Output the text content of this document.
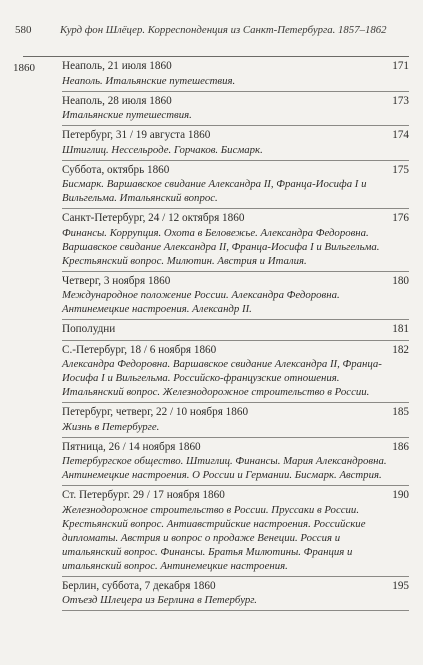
580	Курд фон Шлёцер. Корреспонденция из Санкт-Петербурга. 1857–1862
1860	Неаполь, 21 июля 1860	171
Неаполь. Итальянские путешествия.
Неаполь, 28 июля 1860	173
Итальянские путешествия.
Петербург, 31 / 19 августа 1860	174
Штиглиц. Нессельроде. Горчаков. Бисмарк.
Суббота, октябрь 1860	175
Бисмарк. Варшавское свидание Александра II, Франца-Иосифа I и Вильгельма. Итальянский вопрос.
Санкт-Петербург, 24 / 12 октября 1860	176
Финансы. Коррупция. Охота в Беловежье. Александра Федоровна. Варшавское свидание Александра II, Франца-Иосифа I и Вильгельма. Крестьянский вопрос. Милютин. Австрия и Италия.
Четверг, 3 ноября 1860	180
Международное положение России. Александра Федоровна. Антинемецкие настроения. Александр II.
Пополудни	181
С.-Петербург, 18 / 6 ноября 1860	182
Александра Федоровна. Варшавское свидание Александра II, Франца-Иосифа I и Вильгельма. Российско-французские отношения. Итальянский вопрос. Железнодорожное строительство в России.
Петербург, четверг, 22 / 10 ноября 1860	185
Жизнь в Петербурге.
Пятница, 26 / 14 ноября 1860	186
Петербургское общество. Штиглиц. Финансы. Мария Александровна. Антинемецкие настроения. О России и Германии. Бисмарк. Австрия.
Ст. Петербург. 29 / 17 ноября 1860	190
Железнодорожное строительство в России. Пруссаки в России. Крестьянский вопрос. Антиавстрийские настроения. Российские дипломаты. Австрия и вопрос о продаже Венеции. Россия и итальянский вопрос. Финансы. Братья Милютины. Франция и итальянский вопрос. Антинемецкие настроения.
Берлин, суббота, 7 декабря 1860	195
Отъезд Шлецера из Берлина в Петербург.
